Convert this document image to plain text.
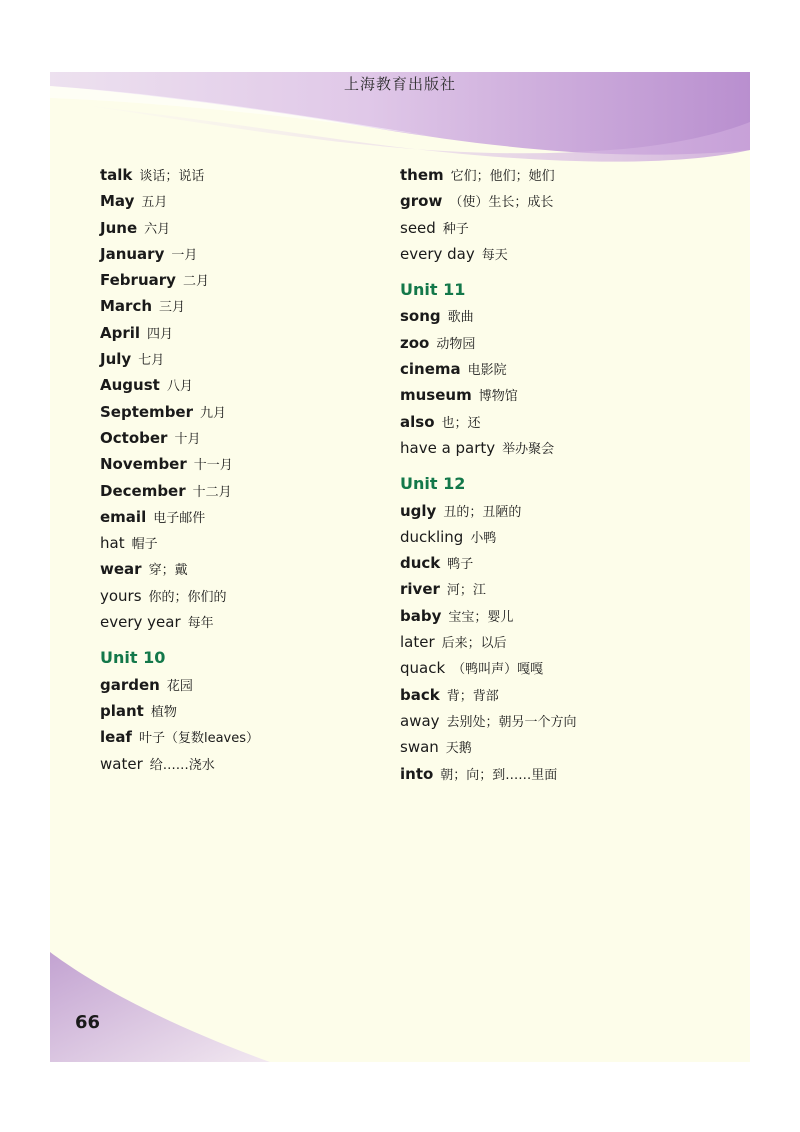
上海教育出版社
talk 谈话；说话
May 五月
June 六月
January 一月
February 二月
March 三月
April 四月
July 七月
August 八月
September 九月
October 十月
November 十一月
December 十二月
email 电子邮件
hat 帽子
wear 穿；戴
yours 你的；你们的
every year 每年
Unit 10
garden 花园
plant 植物
leaf 叶子（复数leaves）
water 给……浇水
them 它们；他们；她们
grow （使）生长；成长
seed 种子
every day 每天
Unit 11
song 歌曲
zoo 动物园
cinema 电影院
museum 博物馆
also 也；还
have a party 举办聚会
Unit 12
ugly 丑的；丑陋的
duckling 小鸭
duck 鸭子
river 河；江
baby 宝宝；婴儿
later 后来；以后
quack （鸭叫声）嘎嘎
back 背；背部
away 去别处；朝另一个方向
swan 天鹅
into 朝；向；到……里面
66
